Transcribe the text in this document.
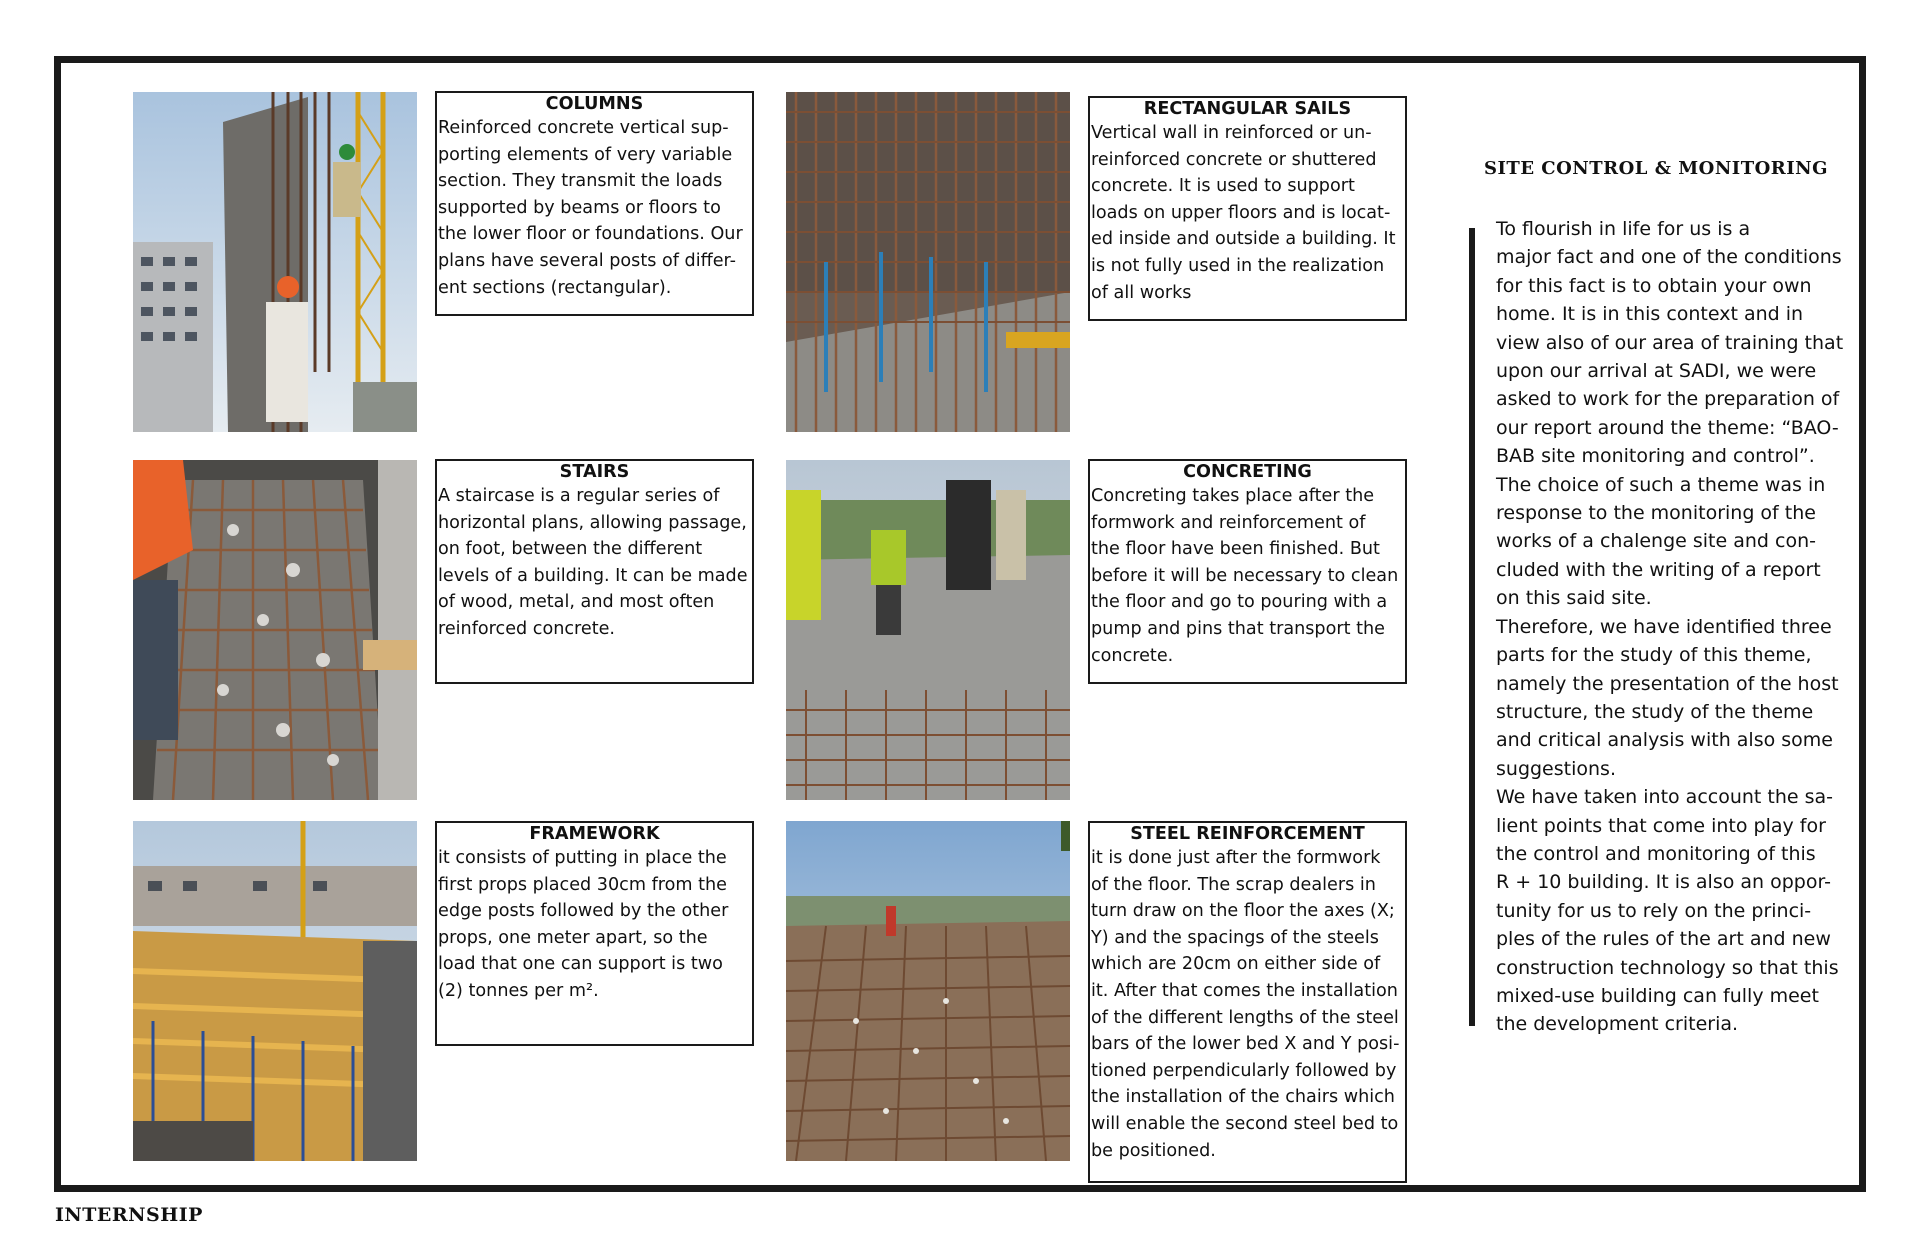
COLUMNS
Reinforced concrete vertical sup-
porting elements of very variable
section. They transmit the loads
supported by beams or floors to
the lower floor or foundations. Our
plans have several posts of differ-
ent sections (rectangular).
RECTANGULAR SAILS
Vertical wall in reinforced or un-
reinforced concrete or shuttered
concrete. It is used to support
loads on upper floors and is locat-
ed inside and outside a building. It
is not fully used in the realization
of all works
STAIRS
A staircase is a regular series of
horizontal plans, allowing passage,
on foot, between the different
levels of a building. It can be made
of wood, metal, and most often
reinforced concrete.
CONCRETING
Concreting takes place after the
formwork and reinforcement of
the floor have been finished. But
before it will be necessary to clean
the floor and go to pouring with a
pump and pins that transport the
concrete.
FRAMEWORK
it consists of putting in place the
first props placed 30cm from the
edge posts followed by the other
props, one meter apart, so the
load that one can support is two
(2) tonnes per m².
STEEL REINFORCEMENT
it is done just after the formwork
of the floor. The scrap dealers in
turn draw on the floor the axes (X;
Y) and the spacings of the steels
which are 20cm on either side of
it. After that comes the installation
of the different lengths of the steel
bars of the lower bed X and Y posi-
tioned perpendicularly followed by
the installation of the chairs which
will enable the second steel bed to
be positioned.
SITE CONTROL & MONITORING
To flourish in life for us is a
major fact and one of the conditions
for this fact is to obtain your own
home. It is in this context and in
view also of our area of training that
upon our arrival at SADI, we were
asked to work for the preparation of
our report around the theme: “BAO-
BAB site monitoring and control”.
The choice of such a theme was in
response to the monitoring of the
works of a chalenge site and con-
cluded with the writing of a report
on this said site.
Therefore, we have identified three
parts for the study of this theme,
namely the presentation of the host
structure, the study of the theme
and critical analysis with also some
suggestions.
We have taken into account the sa-
lient points that come into play for
the control and monitoring of this
R + 10 building. It is also an oppor-
tunity for us to rely on the princi-
ples of the rules of the art and new
construction technology so that this
mixed-use building can fully meet
the development criteria.
INTERNSHIP
